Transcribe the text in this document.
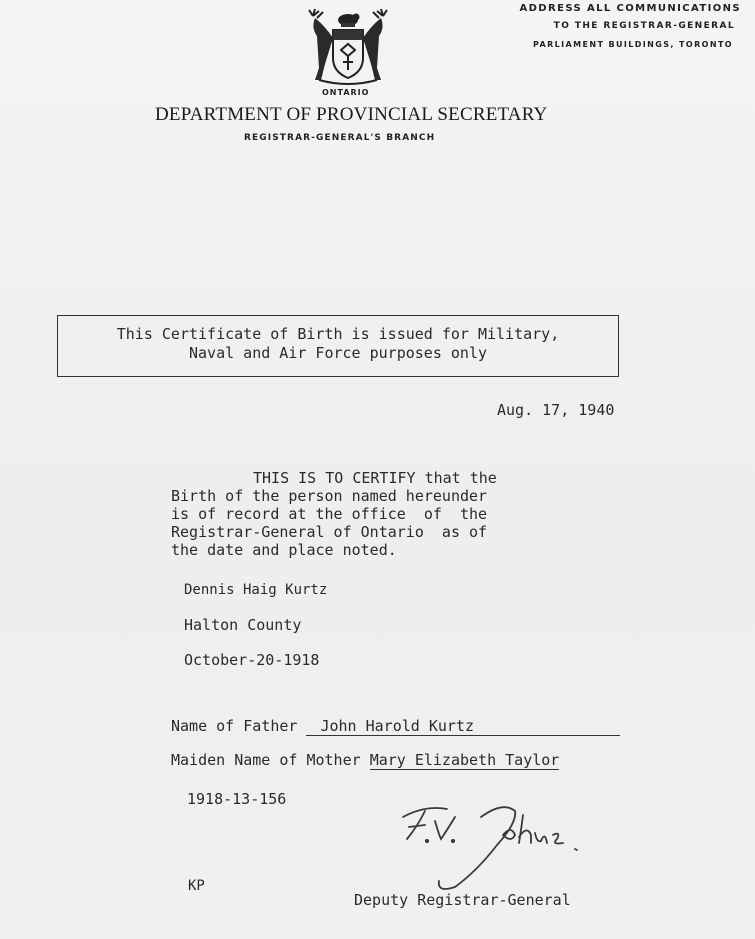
ADDRESS ALL COMMUNICATIONS
TO THE REGISTRAR-GENERAL
PARLIAMENT BUILDINGS, TORONTO
ONTARIO
DEPARTMENT OF PROVINCIAL SECRETARY
REGISTRAR-GENERAL'S BRANCH
This Certificate of Birth is issued for Military,
Naval and Air Force purposes only
Aug. 17, 1940
THIS IS TO CERTIFY that the
Birth of the person named hereunder
is of record at the office  of  the
Registrar-General of Ontario  as of
the date and place noted.
Dennis Haig Kurtz
Halton County
October-20-1918
Name of Father John Harold Kurtz
Maiden Name of Mother Mary Elizabeth Taylor
1918-13-156
KP
Deputy Registrar-General
